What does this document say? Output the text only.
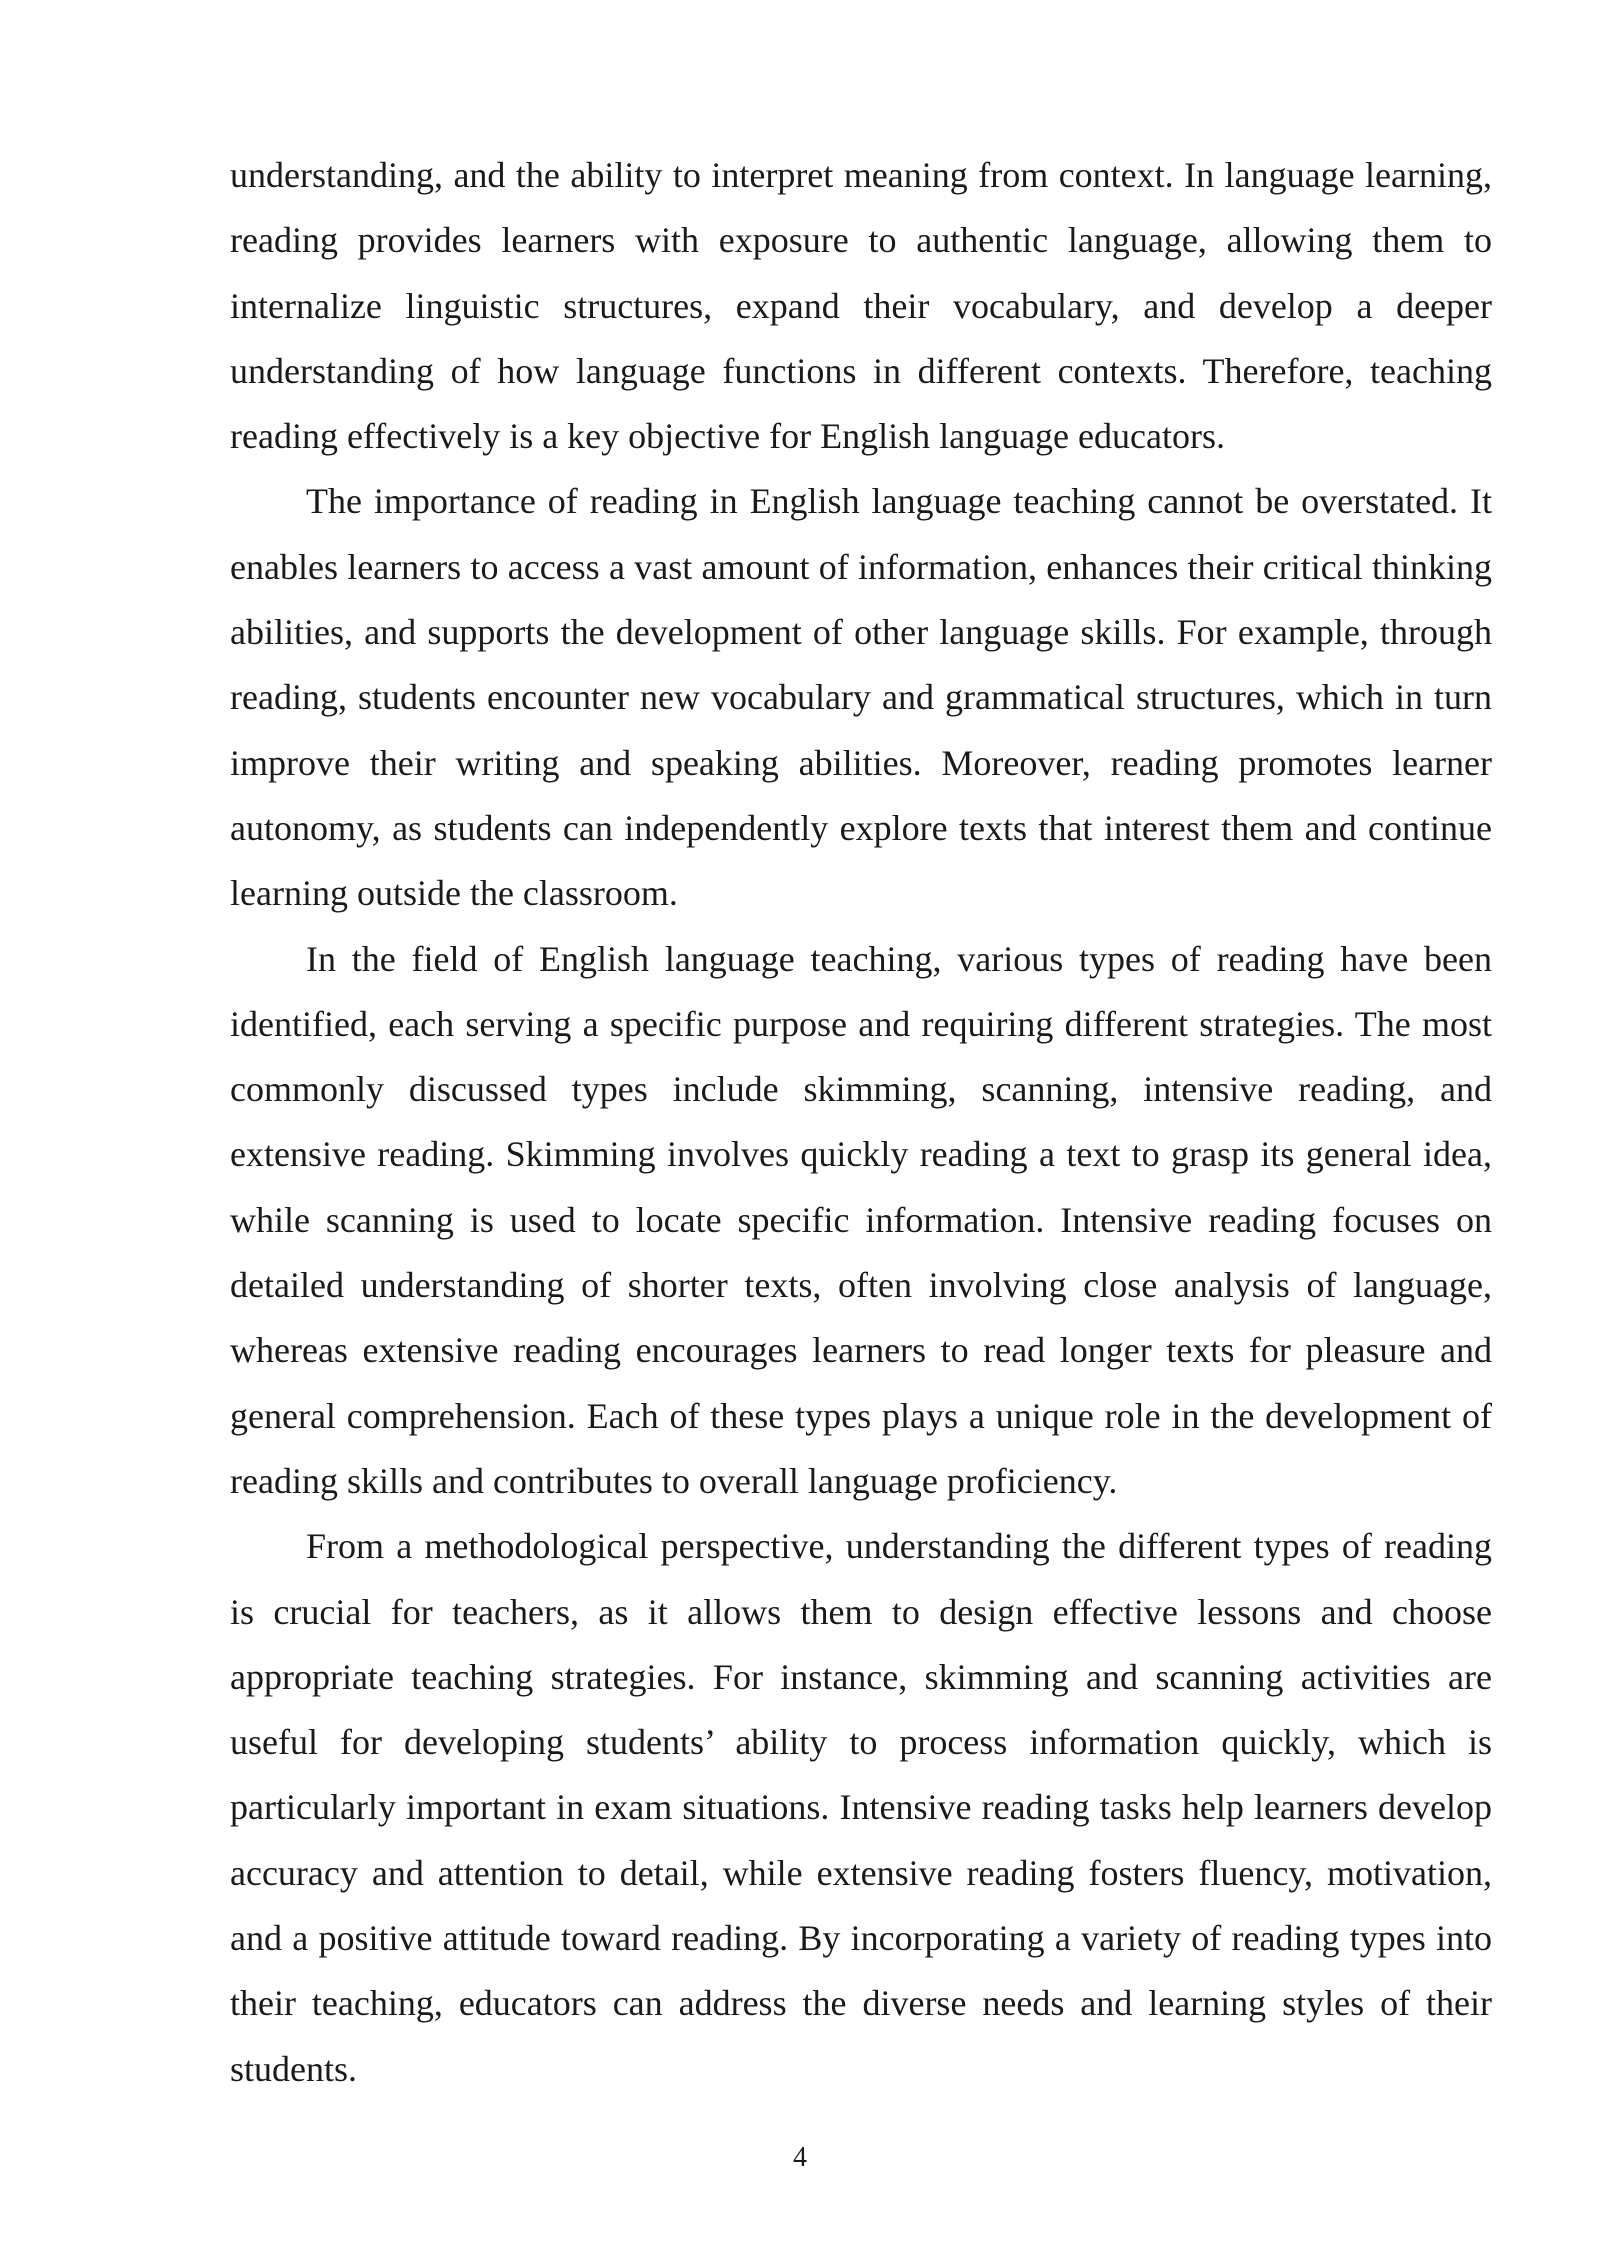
understanding, and the ability to interpret meaning from context. In language learning, reading provides learners with exposure to authentic language, allowing them to internalize linguistic structures, expand their vocabulary, and develop a deeper understanding of how language functions in different contexts. Therefore, teaching reading effectively is a key objective for English language educators.

The importance of reading in English language teaching cannot be overstated. It enables learners to access a vast amount of information, enhances their critical thinking abilities, and supports the development of other language skills. For example, through reading, students encounter new vocabulary and grammatical structures, which in turn improve their writing and speaking abilities. Moreover, reading promotes learner autonomy, as students can independently explore texts that interest them and continue learning outside the classroom.

In the field of English language teaching, various types of reading have been identified, each serving a specific purpose and requiring different strategies. The most commonly discussed types include skimming, scanning, intensive reading, and extensive reading. Skimming involves quickly reading a text to grasp its general idea, while scanning is used to locate specific information. Intensive reading focuses on detailed understanding of shorter texts, often involving close analysis of language, whereas extensive reading encourages learners to read longer texts for pleasure and general comprehension. Each of these types plays a unique role in the development of reading skills and contributes to overall language proficiency.

From a methodological perspective, understanding the different types of reading is crucial for teachers, as it allows them to design effective lessons and choose appropriate teaching strategies. For instance, skimming and scanning activities are useful for developing students’ ability to process information quickly, which is particularly important in exam situations. Intensive reading tasks help learners develop accuracy and attention to detail, while extensive reading fosters fluency, motivation, and a positive attitude toward reading. By incorporating a variety of reading types into their teaching, educators can address the diverse needs and learning styles of their students.

4
